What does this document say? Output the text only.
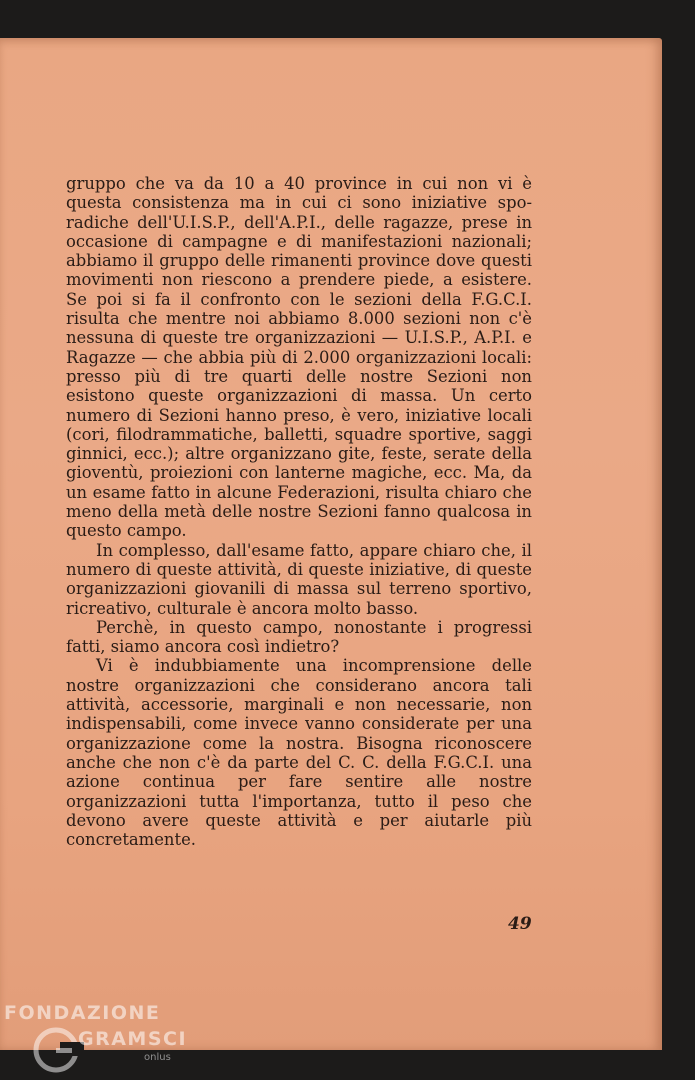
gruppo che va da 10 a 40 province in cui non vi è questa consistenza ma in cui ci sono iniziative sporadiche dell'U.I.S.P., dell'A.P.I., delle ragazze, prese in occasione di campagne e di manifestazioni nazionali; abbiamo il gruppo delle rimanenti province dove questi movimenti non riescono a prendere piede, a esistere. Se poi si fa il confronto con le sezioni della F.G.C.I. risulta che mentre noi abbiamo 8.000 sezioni non c'è nessuna di queste tre organizzazioni — U.I.S.P., A.P.I. e Ragazze — che abbia più di 2.000 organizzazioni locali: presso più di tre quarti delle nostre Sezioni non esistono queste organizzazioni di massa. Un certo numero di Sezioni hanno preso, è vero, iniziative locali (cori, filodrammatiche, balletti, squadre sportive, saggi ginnici, ecc.); altre organizzano gite, feste, serate della gioventù, proiezioni con lanterne magiche, ecc. Ma, da un esame fatto in alcune Federazioni, risulta chiaro che meno della metà delle nostre Sezioni fanno qualcosa in questo campo.

In complesso, dall'esame fatto, appare chiaro che, il numero di queste attività, di queste iniziative, di queste organizzazioni giovanili di massa sul terreno sportivo, ricreativo, culturale è ancora molto basso.

Perchè, in questo campo, nonostante i progressi fatti, siamo ancora così indietro?

Vi è indubbiamente una incomprensione delle nostre organizzazioni che considerano ancora tali attività, accessorie, marginali e non necessarie, non indispensabili, come invece vanno considerate per una organizzazione come la nostra. Bisogna riconoscere anche che non c'è da parte del C. C. della F.G.C.I. una azione continua per fare sentire alle nostre organizzazioni tutta l'importanza, tutto il peso che devono avere queste attività e per aiutarle più concretamente.

49
FONDAZIONE
GRAMSCI
onlus
